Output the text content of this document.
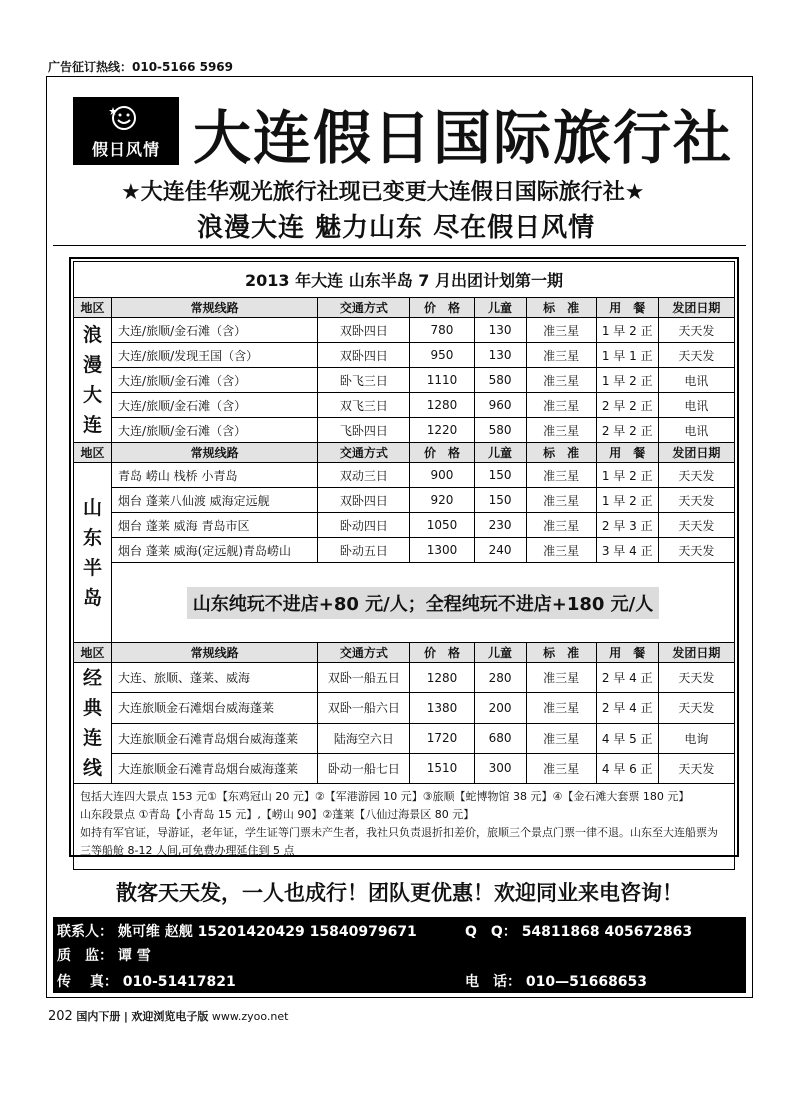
广告征订热线：010-5166 5969
假日风情 大连假日国际旅行社
★大连佳华观光旅行社现已变更大连假日国际旅行社★
浪漫大连 魅力山东 尽在假日风情
2013 年大连 山东半岛 7 月出团计划第一期							
地区	常规线路	交通方式	价　格	儿童	标　准	用　餐	发团日期
浪漫大连	大连/旅顺/金石滩（含）	双卧四日	780	130	准三星	1 早 2 正	天天发
	大连/旅顺/发现王国（含）	双卧四日	950	130	准三星	1 早 1 正	天天发
	大连/旅顺/金石滩（含）	卧飞三日	1110	580	准三星	1 早 2 正	电讯
	大连/旅顺/金石滩（含）	双飞三日	1280	960	准三星	2 早 2 正	电讯
	大连/旅顺/金石滩（含）	飞卧四日	1220	580	准三星	2 早 2 正	电讯
地区	常规线路	交通方式	价　格	儿童	标　准	用　餐	发团日期
山东半岛	青岛 崂山 栈桥 小青岛	双动三日	900	150	准三星	1 早 2 正	天天发
	烟台 蓬莱八仙渡 威海定远舰	双卧四日	920	150	准三星	1 早 2 正	天天发
	烟台 蓬莱 威海 青岛市区	卧动四日	1050	230	准三星	2 早 3 正	天天发
	烟台 蓬莱 威海(定远舰)青岛崂山	卧动五日	1300	240	准三星	3 早 4 正	天天发
	山东纯玩不进店+80 元/人；全程纯玩不进店+180 元/人						
地区	常规线路	交通方式	价　格	儿童	标　准	用　餐	发团日期
经典连线	大连、旅顺、蓬莱、威海	双卧一船五日	1280	280	准三星	2 早 4 正	天天发
	大连旅顺金石滩烟台威海蓬莱	双卧一船六日	1380	200	准三星	2 早 4 正	天天发
	大连旅顺金石滩青岛烟台威海蓬莱	陆海空六日	1720	680	准三星	4 早 5 正	电询
	大连旅顺金石滩青岛烟台威海蓬莱	卧动一船七日	1510	300	准三星	4 早 6 正	天天发

包括大连四大景点 153 元①【东鸡冠山 20 元】②【军港游园 10 元】③旅顺【蛇博物馆 38 元】④【金石滩大套票 180 元】
山东段景点 ①青岛【小青岛 15 元】,【崂山 90】②蓬莱【八仙过海景区 80 元】
如持有军官证，导游证，老年证，学生证等门票未产生者，我社只负责退折扣差价，旅顺三个景点门票一律不退。山东至大连船票为三等船舱 8-12 人间,可免费办理延住到 5 点							
散客天天发，一人也成行！团队更优惠！欢迎同业来电咨询！
联系人： 姚可维 赵舰 15201420429 15840979671	Q　Q： 54811868 405672863
质　监： 谭 雪
传　 真： 010-51417821	电　话： 010—51668653
202 国内下册 | 欢迎浏览电子版 www.zyoo.net
